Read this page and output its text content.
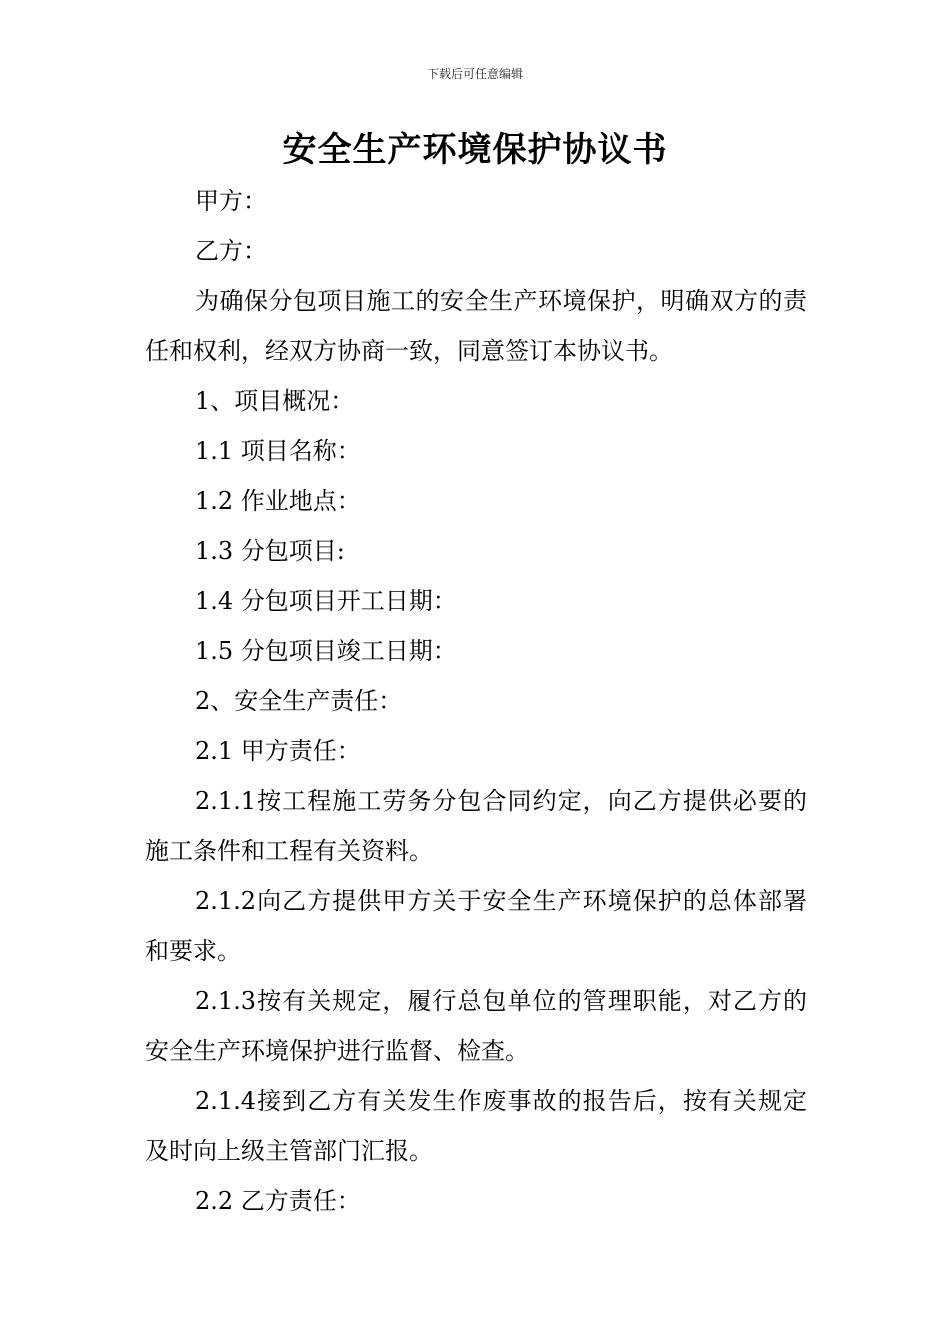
下载后可任意编辑
安全生产环境保护协议书

甲方：

乙方：

为确保分包项目施工的安全生产环境保护，明确双方的责任和权利，经双方协商一致，同意签订本协议书。

1、项目概况：

1.1 项目名称：

1.2 作业地点：

1.3 分包项目:

1.4 分包项目开工日期：

1.5 分包项目竣工日期：

2、安全生产责任：

2.1 甲方责任：

2.1.1按工程施工劳务分包合同约定，向乙方提供必要的施工条件和工程有关资料。

2.1.2向乙方提供甲方关于安全生产环境保护的总体部署和要求。

2.1.3按有关规定，履行总包单位的管理职能，对乙方的安全生产环境保护进行监督、检查。

2.1.4接到乙方有关发生作废事故的报告后，按有关规定及时向上级主管部门汇报。

2.2 乙方责任：
